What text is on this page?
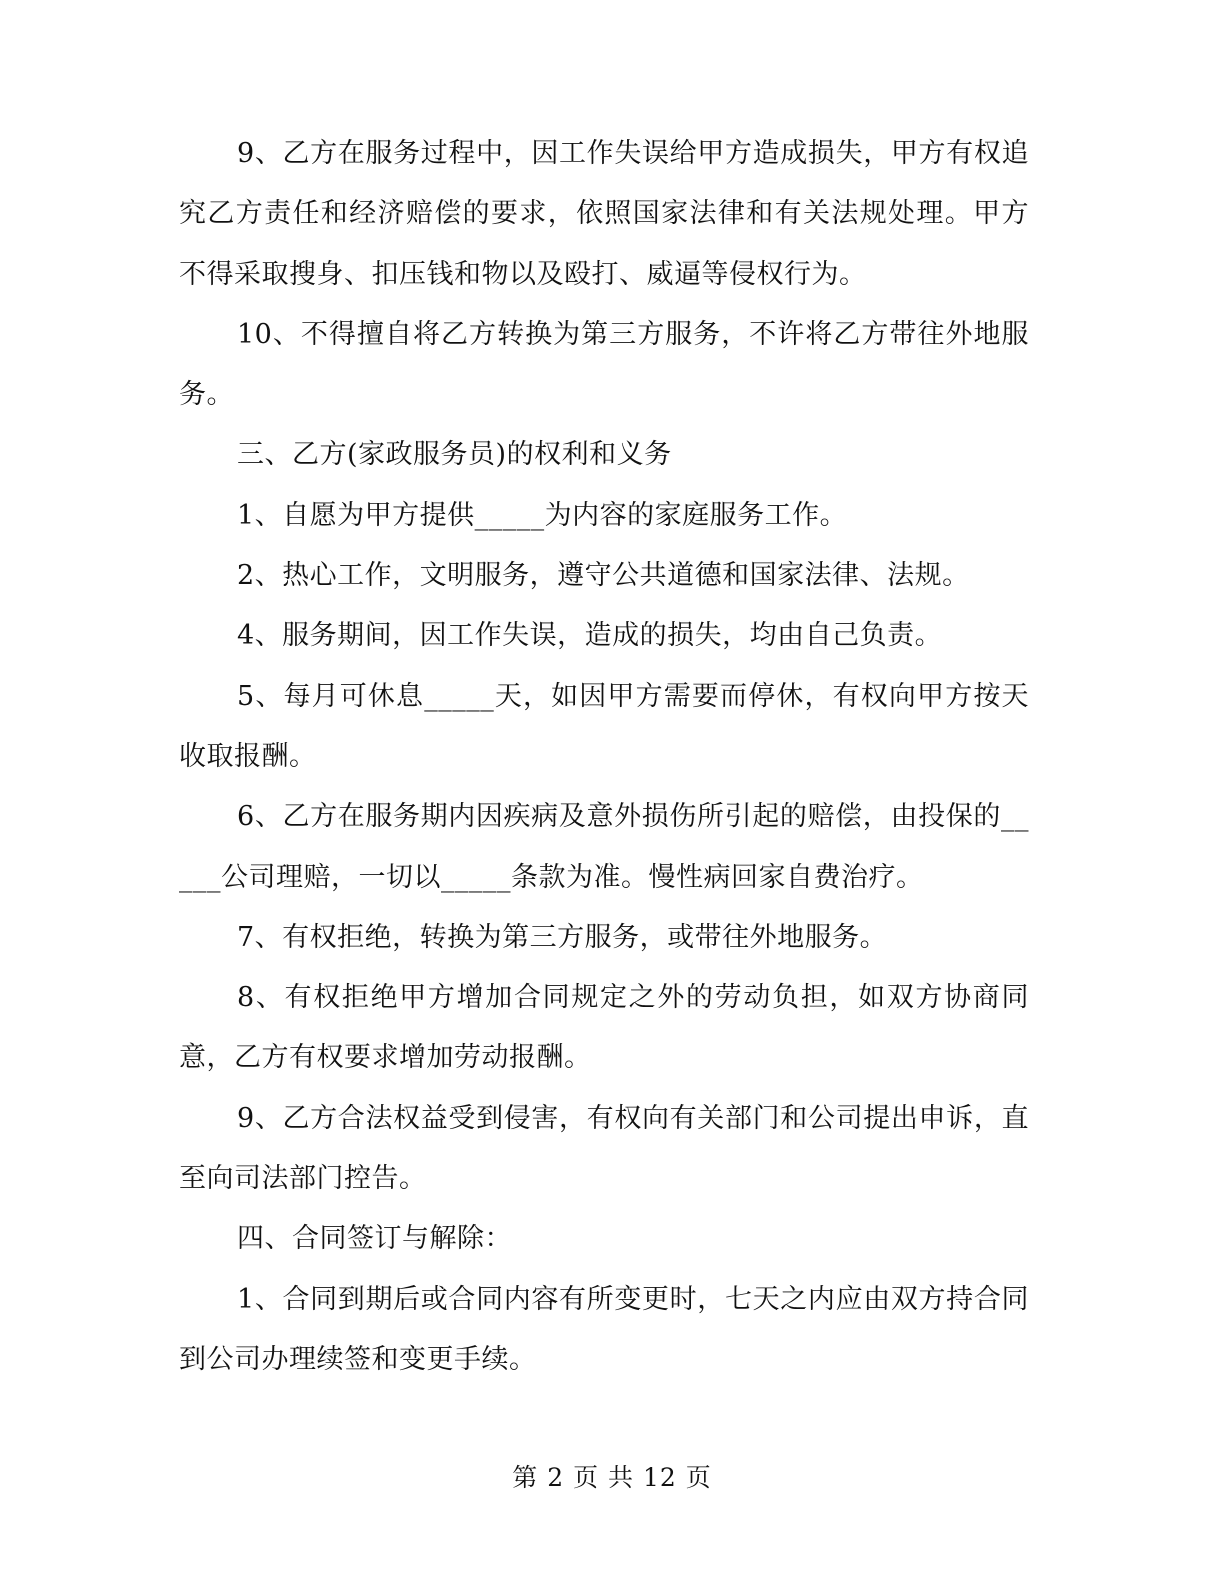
9、乙方在服务过程中，因工作失误给甲方造成损失，甲方有权追究乙方责任和经济赔偿的要求，依照国家法律和有关法规处理。甲方不得采取搜身、扣压钱和物以及殴打、威逼等侵权行为。

10、不得擅自将乙方转换为第三方服务，不许将乙方带往外地服务。

三、乙方(家政服务员)的权利和义务

1、自愿为甲方提供_____为内容的家庭服务工作。

2、热心工作，文明服务，遵守公共道德和国家法律、法规。

4、服务期间，因工作失误，造成的损失，均由自己负责。

5、每月可休息_____天，如因甲方需要而停休，有权向甲方按天收取报酬。

6、乙方在服务期内因疾病及意外损伤所引起的赔偿，由投保的_____公司理赔，一切以_____条款为准。慢性病回家自费治疗。

7、有权拒绝，转换为第三方服务，或带往外地服务。

8、有权拒绝甲方增加合同规定之外的劳动负担，如双方协商同意，乙方有权要求增加劳动报酬。

9、乙方合法权益受到侵害，有权向有关部门和公司提出申诉，直至向司法部门控告。

四、合同签订与解除：

1、合同到期后或合同内容有所变更时，七天之内应由双方持合同到公司办理续签和变更手续。

第 2 页 共 12 页
